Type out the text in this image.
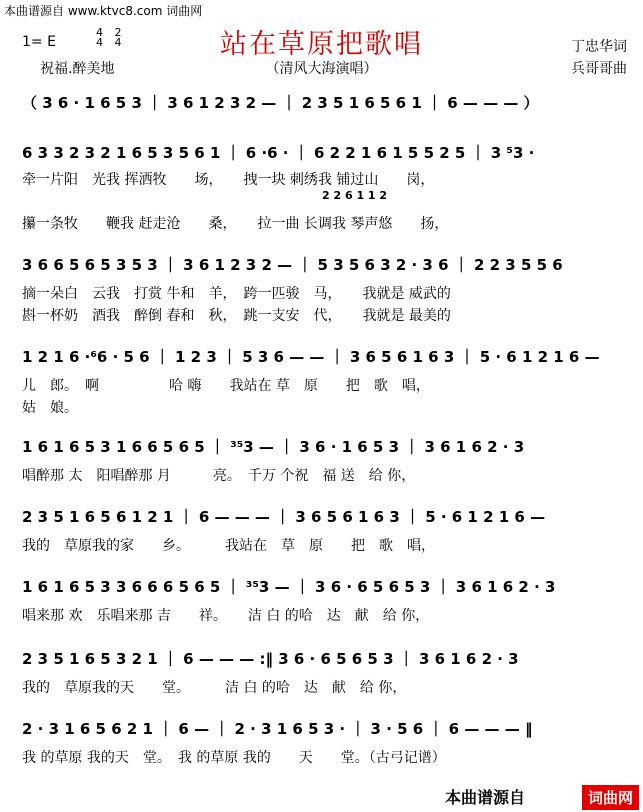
本曲谱源自 www.ktvc8.com 词曲网
站在草原把歌唱
1= E
4 2
4 4	丁忠华词
兵哥哥曲
祝福.醉美地	（清风大海演唱）
（ 3 6 · 1 6 5 3 ｜ 3 6 1 2 3 2 — ｜ 2 3 5 1 6 5 6 1 ｜ 6 — — — ）
6 3 3 2 3 2 1 6 5 3 5 6 1 ｜ 6 ·6 · ｜ 6 2 2 1 6 1 5 5 2 5 ｜ 3 ⁵3 ·
2 2 6 1 1 2
牵一片阳　光我 挥洒牧　　场，　　拽一块 刺绣我 铺过山　　岗，
攥一条牧　　鞭我 赶走沧　　桑，　　拉一曲 长调我 琴声悠　　扬，
3 6 6 5 6 5 3 5 3 ｜ 3 6 1 2 3 2 — ｜ 5 3 5 6 3 2 · 3 6 ｜ 2 2 3 5 5 6
摘一朵白　云我　打赏 牛和　羊，　跨一匹骏　马，　　我就是 威武的
斟一杯奶　酒我　醉倒 春和　秋，　跳一支安　代，　　我就是 最美的
1 2 1 6 ·⁶6 · 5 6 ｜ 1 2 3 ｜ 5 3 6 — — ｜ 3 6 5 6 1 6 3 ｜ 5 · 6 1 2 1 6 —
儿　郎。　啊　　　　　哈 嗨　　我站在 草　原　　把　歌　唱，
姑　娘。
1 6 1 6 5 3 1 6 6 5 6 5 ｜ ³⁵3 — ｜ 3 6 · 1 6 5 3 ｜ 3 6 1 6 2 · 3
唱醉那 太　阳唱醉那 月　　　亮。　千万 个祝　福 送　给 你，
2 3 5 1 6 5 6 1 2 1 ｜ 6 — — — ｜ 3 6 5 6 1 6 3 ｜ 5 · 6 1 2 1 6 —
我的　草原我的家　　乡。　　　我站在　草　原　　把　歌　唱，
1 6 1 6 5 3 3 6 6 6 5 6 5 ｜ ³⁵3 — ｜ 3 6 · 6 5 6 5 3 ｜ 3 6 1 6 2 · 3
唱来那 欢　乐唱来那 吉　　祥。　　洁 白 的哈　达　献　给 你，
2 3 5 1 6 5 3 2 1 ｜ 6 — — — :‖ 3 6 · 6 5 6 5 3 ｜ 3 6 1 6 2 · 3
我的　草原我的天　　堂。　　　洁 白 的哈　达　献　给 你，
2 · 3 1 6 5 6 2 1 ｜ 6 — ｜ 2 · 3 1 6 5 3 · ｜ 3 · 5 6 ｜ 6 — — — ‖
我 的草原 我的天　堂。　我 的草原 我的　　天　　堂。（古弓记谱）
本曲谱源自	词曲网
